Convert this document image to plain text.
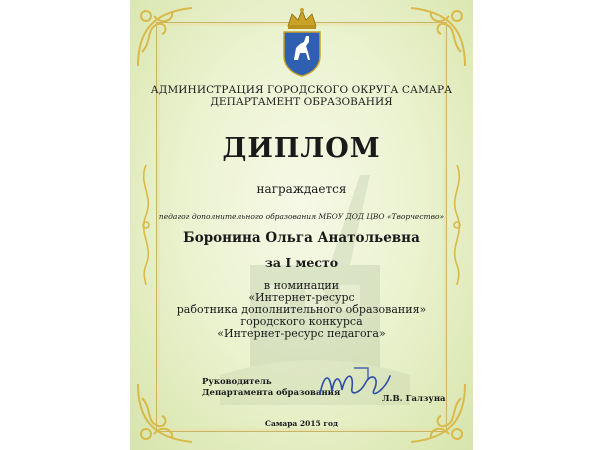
АДМИНИСТРАЦИЯ ГОРОДСКОГО ОКРУГА САМАРА

ДЕПАРТАМЕНТ ОБРАЗОВАНИЯ

ДИПЛОМ

награждается

педагог дополнительного образования МБОУ ДОД ЦВО «Творчество»

Боронина Ольга Анатольевна

за I место

в номинации

«Интернет-ресурс

работника дополнительного образования»

городского конкурса

«Интернет-ресурс педагога»

Руководитель
Департамента образования
Л.В. Галзуна

Самара 2015 год
